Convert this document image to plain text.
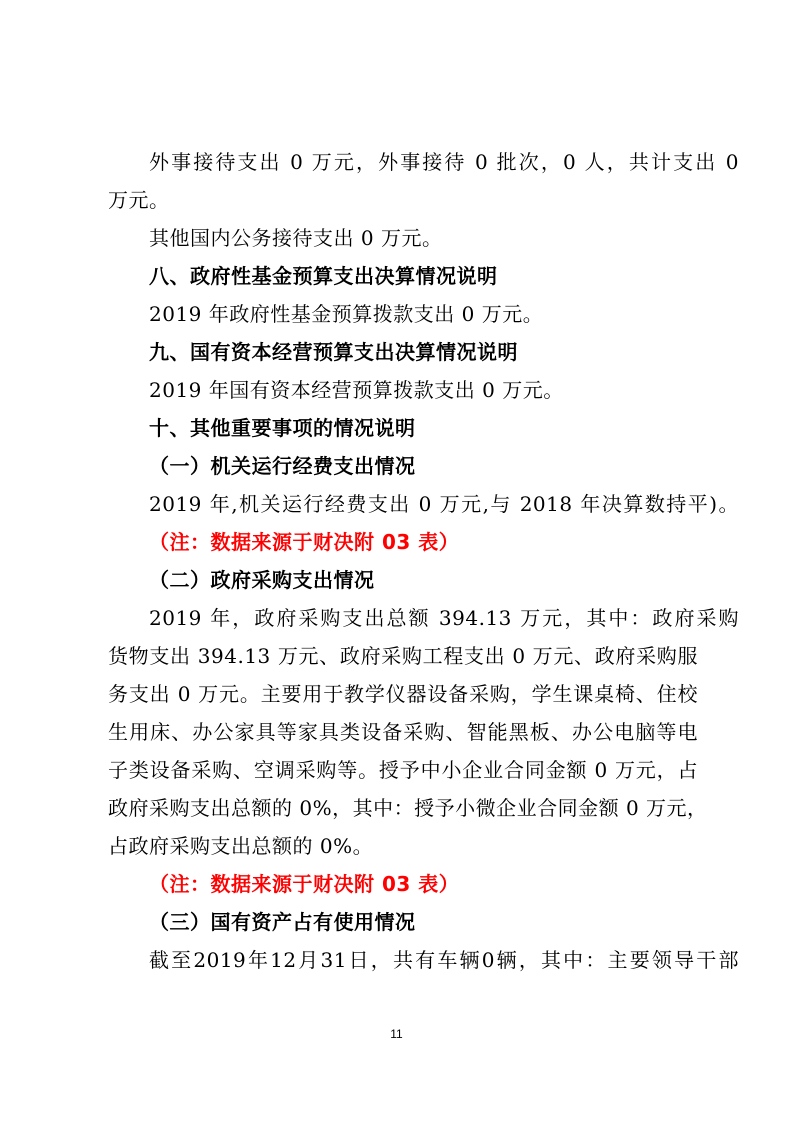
外事接待支出 0 万元，外事接待 0 批次，0 人，共计支出 0
万元。
其他国内公务接待支出 0 万元。
八、政府性基金预算支出决算情况说明
2019 年政府性基金预算拨款支出 0 万元。
九、国有资本经营预算支出决算情况说明
2019 年国有资本经营预算拨款支出 0 万元。
十、其他重要事项的情况说明
（一）机关运行经费支出情况
2019 年,机关运行经费支出 0 万元,与 2018 年决算数持平)。
（注：数据来源于财决附 03 表）
（二）政府采购支出情况
2019 年，政府采购支出总额 394.13 万元，其中：政府采购
货物支出 394.13 万元、政府采购工程支出 0 万元、政府采购服
务支出 0 万元。主要用于教学仪器设备采购，学生课桌椅、住校
生用床、办公家具等家具类设备采购、智能黑板、办公电脑等电
子类设备采购、空调采购等。授予中小企业合同金额 0 万元，占
政府采购支出总额的 0%，其中：授予小微企业合同金额 0 万元，
占政府采购支出总额的 0%。
（注：数据来源于财决附 03 表）
（三）国有资产占有使用情况
截至2019年12月31日，共有车辆0辆，其中：主要领导干部
11
